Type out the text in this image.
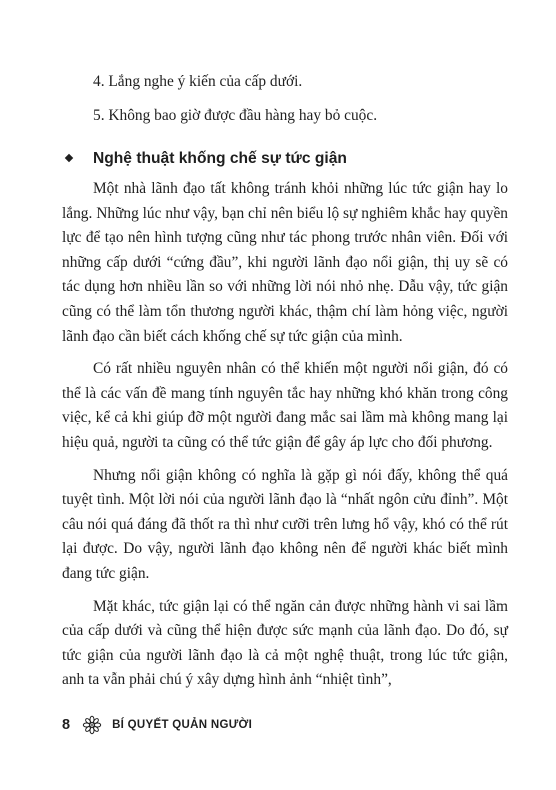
4. Lắng nghe ý kiến của cấp dưới.
5. Không bao giờ được đầu hàng hay bỏ cuộc.
Nghệ thuật khống chế sự tức giận

Một nhà lãnh đạo tất không tránh khỏi những lúc tức giận hay lo lắng. Những lúc như vậy, bạn chỉ nên biểu lộ sự nghiêm khắc hay quyền lực để tạo nên hình tượng cũng như tác phong trước nhân viên. Đối với những cấp dưới “cứng đầu”, khi người lãnh đạo nổi giận, thị uy sẽ có tác dụng hơn nhiều lần so với những lời nói nhỏ nhẹ. Dẫu vậy, tức giận cũng có thể làm tổn thương người khác, thậm chí làm hỏng việc, người lãnh đạo cần biết cách khống chế sự tức giận của mình.

Có rất nhiều nguyên nhân có thể khiến một người nổi giận, đó có thể là các vấn đề mang tính nguyên tắc hay những khó khăn trong công việc, kể cả khi giúp đỡ một người đang mắc sai lầm mà không mang lại hiệu quả, người ta cũng có thể tức giận để gây áp lực cho đối phương.

Nhưng nổi giận không có nghĩa là gặp gì nói đấy, không thể quá tuyệt tình. Một lời nói của người lãnh đạo là “nhất ngôn cửu đỉnh”. Một câu nói quá đáng đã thốt ra thì như cưỡi trên lưng hổ vậy, khó có thể rút lại được. Do vậy, người lãnh đạo không nên để người khác biết mình đang tức giận.

Mặt khác, tức giận lại có thể ngăn cản được những hành vi sai lầm của cấp dưới và cũng thể hiện được sức mạnh của lãnh đạo. Do đó, sự tức giận của người lãnh đạo là cả một nghệ thuật, trong lúc tức giận, anh ta vẫn phải chú ý xây dựng hình ảnh “nhiệt tình”,

8	BÍ QUYẾT QUẢN NGƯỜI
